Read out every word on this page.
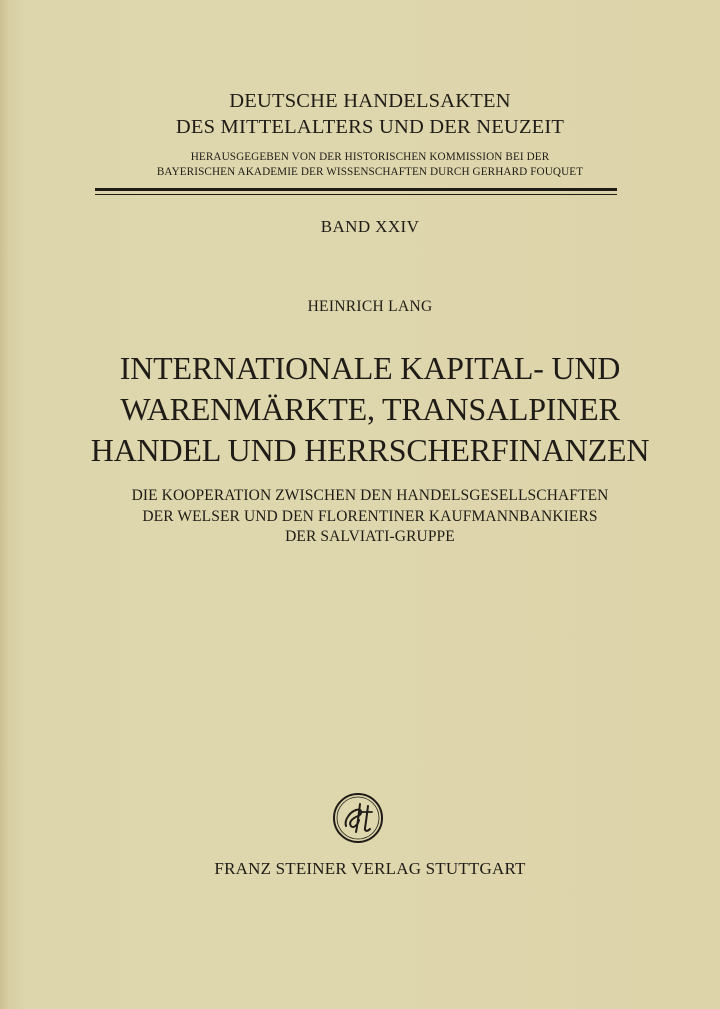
DEUTSCHE HANDELSAKTEN
DES MITTELALTERS UND DER NEUZEIT
HERAUSGEGEBEN VON DER HISTORISCHEN KOMMISSION BEI DER
BAYERISCHEN AKADEMIE DER WISSENSCHAFTEN DURCH GERHARD FOUQUET
BAND XXIV
HEINRICH LANG
INTERNATIONALE KAPITAL- UND
WARENMÄRKTE, TRANSALPINER
HANDEL UND HERRSCHERFINANZEN
DIE KOOPERATION ZWISCHEN DEN HANDELSGESELLSCHAFTEN
DER WELSER UND DEN FLORENTINER KAUFMANNBANKIERS
DER SALVIATI-GRUPPE
FRANZ STEINER VERLAG STUTTGART
